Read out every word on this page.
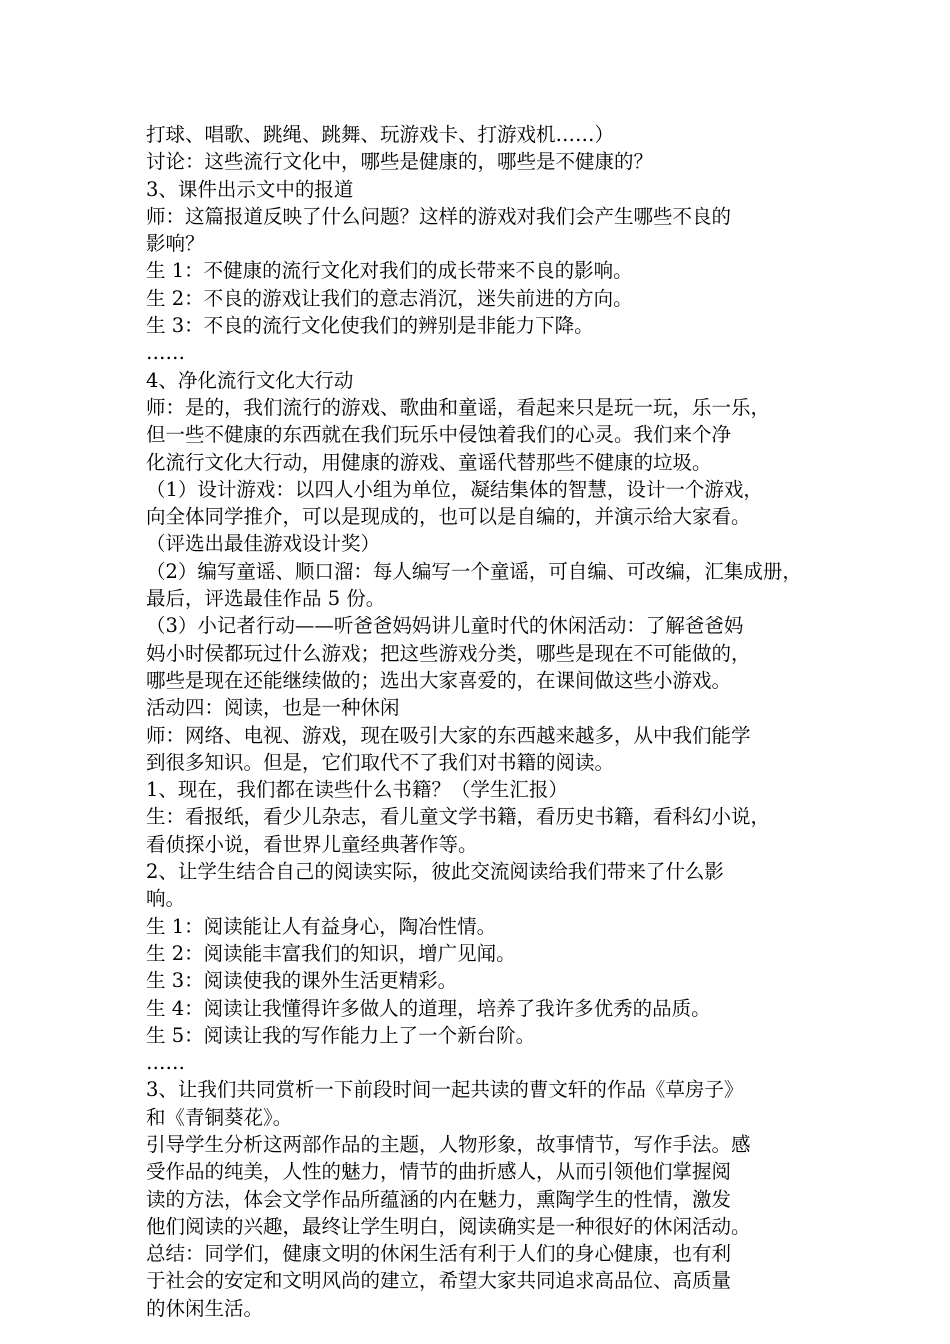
打球、唱歌、跳绳、跳舞、玩游戏卡、打游戏机……）
讨论：这些流行文化中，哪些是健康的，哪些是不健康的？
3、课件出示文中的报道
师：这篇报道反映了什么问题？这样的游戏对我们会产生哪些不良的
影响？
生 1：不健康的流行文化对我们的成长带来不良的影响。
生 2：不良的游戏让我们的意志消沉，迷失前进的方向。
生 3：不良的流行文化使我们的辨别是非能力下降。
……
4、净化流行文化大行动
师：是的，我们流行的游戏、歌曲和童谣，看起来只是玩一玩，乐一乐，
但一些不健康的东西就在我们玩乐中侵蚀着我们的心灵。我们来个净
化流行文化大行动，用健康的游戏、童谣代替那些不健康的垃圾。
（1）设计游戏：以四人小组为单位，凝结集体的智慧，设计一个游戏，
向全体同学推介，可以是现成的，也可以是自编的，并演示给大家看。
（评选出最佳游戏设计奖）
（2）编写童谣、顺口溜：每人编写一个童谣，可自编、可改编，汇集成册，
最后，评选最佳作品 5 份。
（3）小记者行动——听爸爸妈妈讲儿童时代的休闲活动：了解爸爸妈
妈小时侯都玩过什么游戏；把这些游戏分类，哪些是现在不可能做的，
哪些是现在还能继续做的；选出大家喜爱的，在课间做这些小游戏。
活动四：阅读，也是一种休闲
师：网络、电视、游戏，现在吸引大家的东西越来越多，从中我们能学
到很多知识。但是，它们取代不了我们对书籍的阅读。
1、现在，我们都在读些什么书籍？（学生汇报）
生：看报纸，看少儿杂志，看儿童文学书籍，看历史书籍，看科幻小说，
看侦探小说，看世界儿童经典著作等。
2、让学生结合自己的阅读实际，彼此交流阅读给我们带来了什么影
响。
生 1：阅读能让人有益身心，陶冶性情。
生 2：阅读能丰富我们的知识，增广见闻。
生 3：阅读使我的课外生活更精彩。
生 4：阅读让我懂得许多做人的道理，培养了我许多优秀的品质。
生 5：阅读让我的写作能力上了一个新台阶。
……
3、让我们共同赏析一下前段时间一起共读的曹文轩的作品《草房子》
和《青铜葵花》。
引导学生分析这两部作品的主题，人物形象，故事情节，写作手法。感
受作品的纯美，人性的魅力，情节的曲折感人，从而引领他们掌握阅
读的方法，体会文学作品所蕴涵的内在魅力，熏陶学生的性情，激发
他们阅读的兴趣，最终让学生明白，阅读确实是一种很好的休闲活动。
总结：同学们，健康文明的休闲生活有利于人们的身心健康，也有利
于社会的安定和文明风尚的建立，希望大家共同追求高品位、高质量
的休闲生活。
